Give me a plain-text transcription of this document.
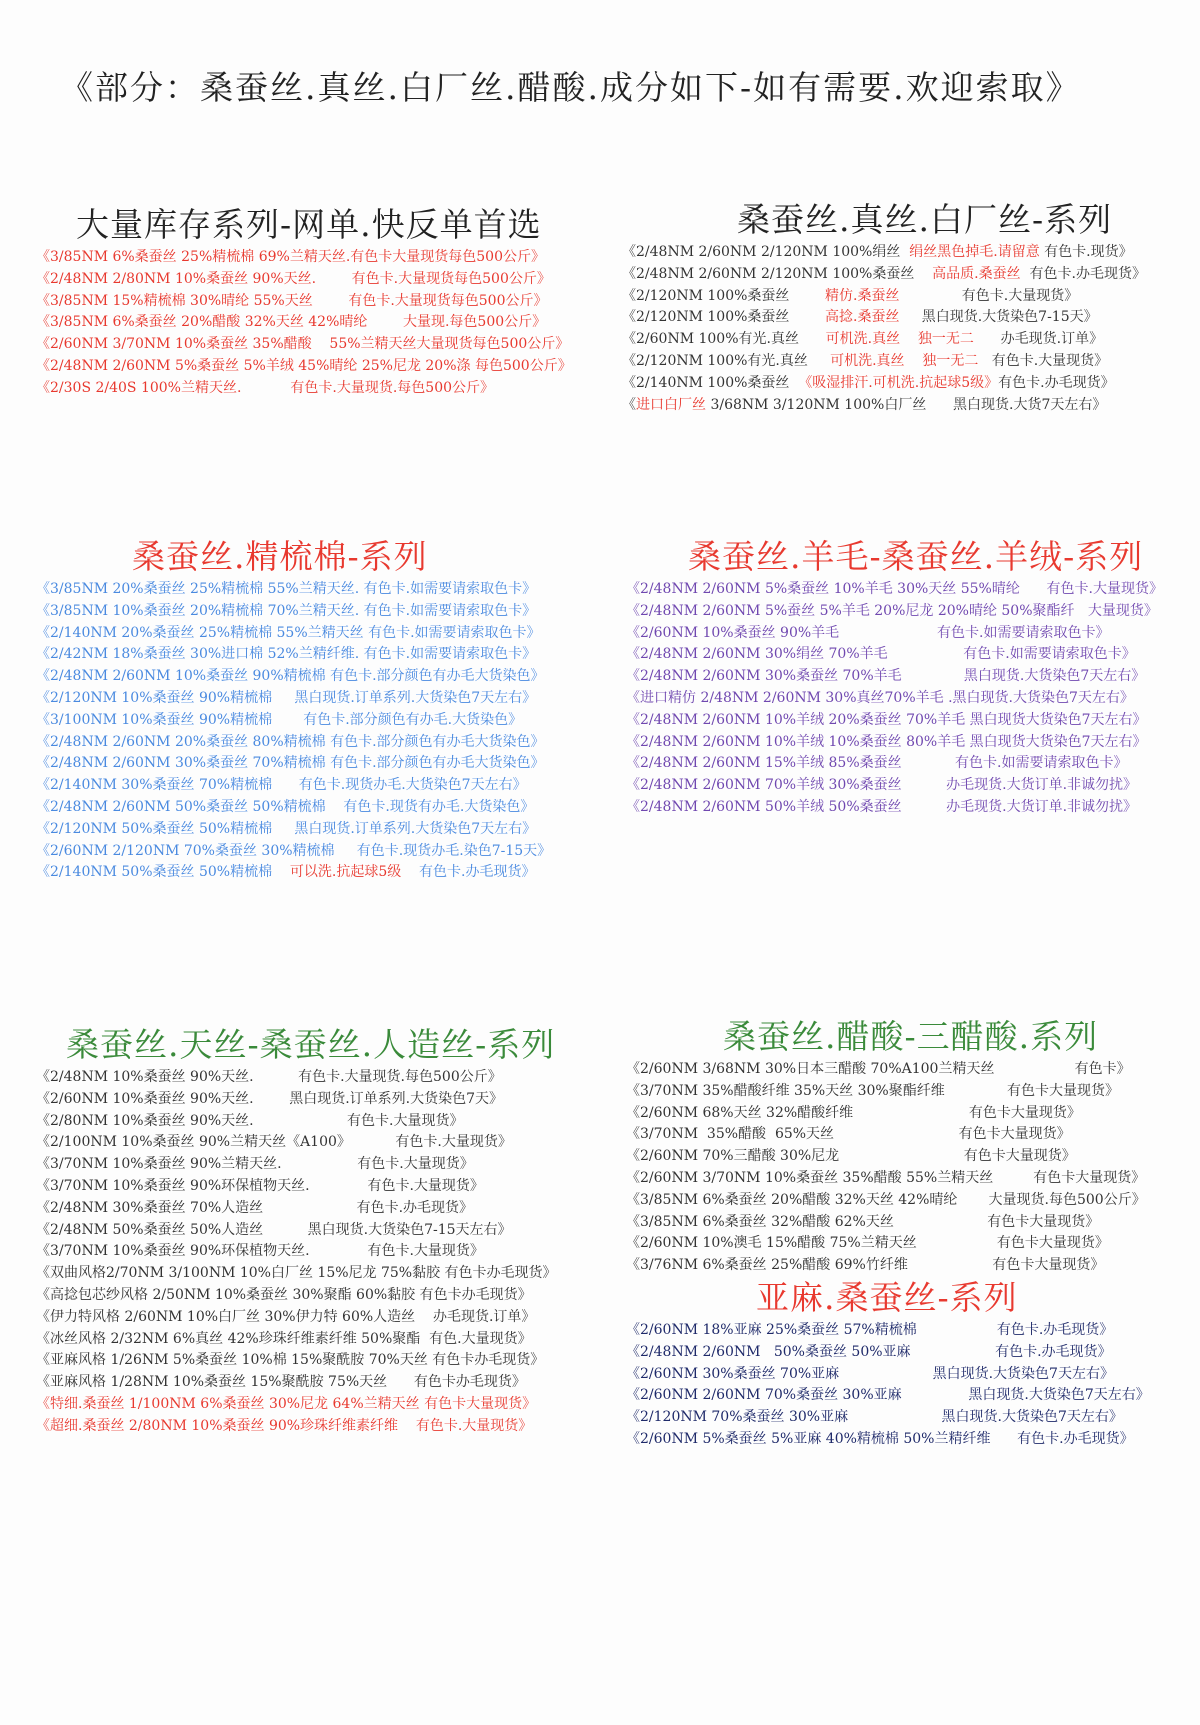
《部分：桑蚕丝.真丝.白厂丝.醋酸.成分如下-如有需要.欢迎索取》
大量库存系列-网单.快反单首选
《3/85NM 6%桑蚕丝 25%精梳棉 69%兰精天丝.有色卡大量现货每色500公斤》
《2/48NM 2/80NM 10%桑蚕丝 90%天丝.        有色卡.大量现货每色500公斤》
《3/85NM 15%精梳棉 30%晴纶 55%天丝        有色卡.大量现货每色500公斤》
《3/85NM 6%桑蚕丝 20%醋酸 32%天丝 42%晴纶        大量现.每色500公斤》
《2/60NM 3/70NM 10%桑蚕丝 35%醋酸    55%兰精天丝大量现货每色500公斤》
《2/48NM 2/60NM 5%桑蚕丝 5%羊绒 45%晴纶 25%尼龙 20%涤 每色500公斤》
《2/30S 2/40S 100%兰精天丝.           有色卡.大量现货.每色500公斤》
桑蚕丝.真丝.白厂丝-系列
《2/48NM 2/60NM 2/120NM 100%绢丝  绢丝黑色掉毛.请留意 有色卡.现货》
《2/48NM 2/60NM 2/120NM 100%桑蚕丝    高品质.桑蚕丝  有色卡.办毛现货》
《2/120NM 100%桑蚕丝        精仿.桑蚕丝              有色卡.大量现货》
《2/120NM 100%桑蚕丝        高捻.桑蚕丝     黑白现货.大货染色7-15天》
《2/60NM 100%有光.真丝      可机洗.真丝    独一无二      办毛现货.订单》
《2/120NM 100%有光.真丝     可机洗.真丝    独一无二   有色卡.大量现货》
《2/140NM 100%桑蚕丝  《吸湿排汗.可机洗.抗起球5级》有色卡.办毛现货》
《进口白厂丝 3/68NM 3/120NM 100%白厂丝      黑白现货.大货7天左右》
桑蚕丝.精梳棉-系列
《3/85NM 20%桑蚕丝 25%精梳棉 55%兰精天丝. 有色卡.如需要请索取色卡》
《3/85NM 10%桑蚕丝 20%精梳棉 70%兰精天丝. 有色卡.如需要请索取色卡》
《2/140NM 20%桑蚕丝 25%精梳棉 55%兰精天丝 有色卡.如需要请索取色卡》
《2/42NM 18%桑蚕丝 30%进口棉 52%兰精纤维. 有色卡.如需要请索取色卡》
《2/48NM 2/60NM 10%桑蚕丝 90%精梳棉 有色卡.部分颜色有办毛大货染色》
《2/120NM 10%桑蚕丝 90%精梳棉     黑白现货.订单系列.大货染色7天左右》
《3/100NM 10%桑蚕丝 90%精梳棉       有色卡.部分颜色有办毛.大货染色》
《2/48NM 2/60NM 20%桑蚕丝 80%精梳棉 有色卡.部分颜色有办毛大货染色》
《2/48NM 2/60NM 30%桑蚕丝 70%精梳棉 有色卡.部分颜色有办毛大货染色》
《2/140NM 30%桑蚕丝 70%精梳棉      有色卡.现货办毛.大货染色7天左右》
《2/48NM 2/60NM 50%桑蚕丝 50%精梳棉    有色卡.现货有办毛.大货染色》
《2/120NM 50%桑蚕丝 50%精梳棉     黑白现货.订单系列.大货染色7天左右》
《2/60NM 2/120NM 70%桑蚕丝 30%精梳棉     有色卡.现货办毛.染色7-15天》
《2/140NM 50%桑蚕丝 50%精梳棉    可以洗.抗起球5级    有色卡.办毛现货》
桑蚕丝.羊毛-桑蚕丝.羊绒-系列
《2/48NM 2/60NM 5%桑蚕丝 10%羊毛 30%天丝 55%晴纶      有色卡.大量现货》
《2/48NM 2/60NM 5%蚕丝 5%羊毛 20%尼龙 20%晴纶 50%聚酯纤   大量现货》
《2/60NM 10%桑蚕丝 90%羊毛                      有色卡.如需要请索取色卡》
《2/48NM 2/60NM 30%绢丝 70%羊毛                 有色卡.如需要请索取色卡》
《2/48NM 2/60NM 30%桑蚕丝 70%羊毛              黑白现货.大货染色7天左右》
《进口精仿 2/48NM 2/60NM 30%真丝70%羊毛 .黑白现货.大货染色7天左右》
《2/48NM 2/60NM 10%羊绒 20%桑蚕丝 70%羊毛 黑白现货大货染色7天左右》
《2/48NM 2/60NM 10%羊绒 10%桑蚕丝 80%羊毛 黑白现货大货染色7天左右》
《2/48NM 2/60NM 15%羊绒 85%桑蚕丝            有色卡.如需要请索取色卡》
《2/48NM 2/60NM 70%羊绒 30%桑蚕丝          办毛现货.大货订单.非诚勿扰》
《2/48NM 2/60NM 50%羊绒 50%桑蚕丝          办毛现货.大货订单.非诚勿扰》
桑蚕丝.天丝-桑蚕丝.人造丝-系列
《2/48NM 10%桑蚕丝 90%天丝.          有色卡.大量现货.每色500公斤》
《2/60NM 10%桑蚕丝 90%天丝.        黑白现货.订单系列.大货染色7天》
《2/80NM 10%桑蚕丝 90%天丝.                     有色卡.大量现货》
《2/100NM 10%桑蚕丝 90%兰精天丝《A100》          有色卡.大量现货》
《3/70NM 10%桑蚕丝 90%兰精天丝.                 有色卡.大量现货》
《3/70NM 10%桑蚕丝 90%环保植物天丝.             有色卡.大量现货》
《2/48NM 30%桑蚕丝 70%人造丝                     有色卡.办毛现货》
《2/48NM 50%桑蚕丝 50%人造丝          黑白现货.大货染色7-15天左右》
《3/70NM 10%桑蚕丝 90%环保植物天丝.             有色卡.大量现货》
《双曲风格2/70NM 3/100NM 10%白厂丝 15%尼龙 75%黏胶 有色卡办毛现货》
《高捻包芯纱风格 2/50NM 10%桑蚕丝 30%聚酯 60%黏胶 有色卡办毛现货》
《伊力特风格 2/60NM 10%白厂丝 30%伊力特 60%人造丝    办毛现货.订单》
《冰丝风格 2/32NM 6%真丝 42%珍珠纤维素纤维 50%聚酯  有色.大量现货》
《亚麻风格 1/26NM 5%桑蚕丝 10%棉 15%聚酰胺 70%天丝 有色卡办毛现货》
《亚麻风格 1/28NM 10%桑蚕丝 15%聚酰胺 75%天丝      有色卡办毛现货》
《特细.桑蚕丝 1/100NM 6%桑蚕丝 30%尼龙 64%兰精天丝 有色卡大量现货》
《超细.桑蚕丝 2/80NM 10%桑蚕丝 90%珍珠纤维素纤维    有色卡.大量现货》
桑蚕丝.醋酸-三醋酸.系列
《2/60NM 3/68NM 30%日本三醋酸 70%A100兰精天丝                  有色卡》
《3/70NM 35%醋酸纤维 35%天丝 30%聚酯纤维              有色卡大量现货》
《2/60NM 68%天丝 32%醋酸纤维                          有色卡大量现货》
《3/70NM  35%醋酸  65%天丝                            有色卡大量现货》
《2/60NM 70%三醋酸 30%尼龙                            有色卡大量现货》
《2/60NM 3/70NM 10%桑蚕丝 35%醋酸 55%兰精天丝         有色卡大量现货》
《3/85NM 6%桑蚕丝 20%醋酸 32%天丝 42%晴纶       大量现货.每色500公斤》
《3/85NM 6%桑蚕丝 32%醋酸 62%天丝                     有色卡大量现货》
《2/60NM 10%澳毛 15%醋酸 75%兰精天丝                  有色卡大量现货》
《3/76NM 6%桑蚕丝 25%醋酸 69%竹纤维                   有色卡大量现货》
亚麻.桑蚕丝-系列
《2/60NM 18%亚麻 25%桑蚕丝 57%精梳棉                  有色卡.办毛现货》
《2/48NM 2/60NM   50%桑蚕丝 50%亚麻                   有色卡.办毛现货》
《2/60NM 30%桑蚕丝 70%亚麻                     黑白现货.大货染色7天左右》
《2/60NM 2/60NM 70%桑蚕丝 30%亚麻               黑白现货.大货染色7天左右》
《2/120NM 70%桑蚕丝 30%亚麻                     黑白现货.大货染色7天左右》
《2/60NM 5%桑蚕丝 5%亚麻 40%精梳棉 50%兰精纤维      有色卡.办毛现货》
